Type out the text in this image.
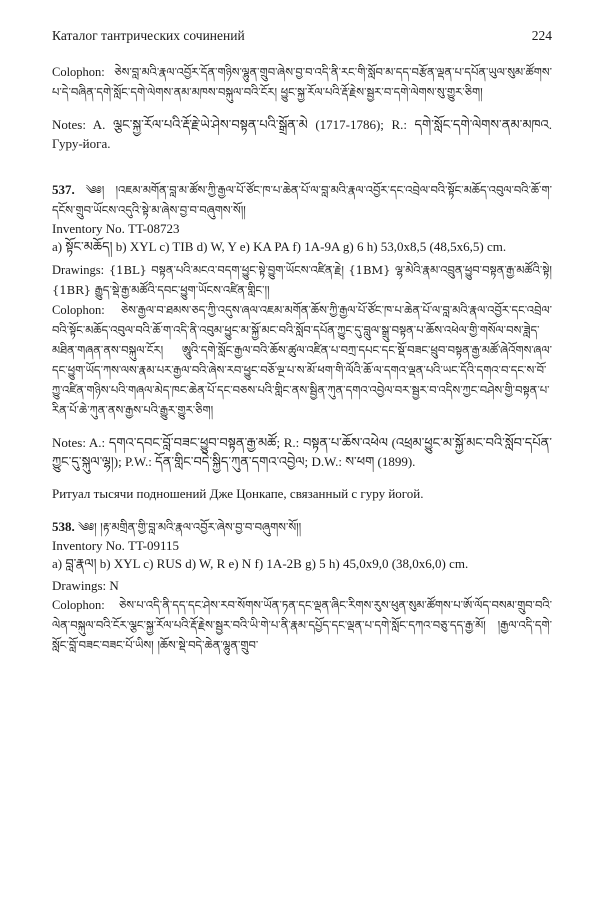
Каталог тантрических сочинений	224

Colophon: ཅེས་བླ་མའི་རྣལ་འབྱོར་དོན་གཉིས་ལྷུན་གྲུབ་ཞེས་བྱ་བ་འདི་ནི་རང་གི་སློབ་མ་དད་བརྩོན་ལྡན་པ་དཔོན་ཡུལ་སུམ་ཚོགས་པ་དེ་བཞིན་དགེ་སློང་དགེ་ལེགས་ནམ་མཁས་བསྐུལ་བའི་ངོར། ཕྱུང་སྐྱ་རོལ་པའི་རྡོ་རྗེས་སྦྱར་བ་དགེ་ལེགས་སུ་གྱུར་ཅིག།

Notes: A. ལྕང་སྐྱ་རོལ་པའི་རྡོ་རྗེ་ཡེ་ཤེས་བསྟན་པའི་སྒྲོན་མེ (1717-1786); R.: དགེ་སློང་དགེ་ལེགས་ནམ་མཁའ. Гуру-йога.

537. ༄༅། །འཇམ་མགོན་བླ་མ་ཚོས་ཀྱི་རྒྱལ་པོ་ཙོང་ཁ་པ་ཆེན་པོ་ལ་བླ་མའི་རྣལ་འབྱོར་དང་འབྲེལ་བའི་སྟོང་མཆོད་འབུལ་བའི་ཆོ་ག་དངོས་གྲུབ་ཡོངས་འདུའི་སྟེ་མ་ཞེས་བྱ་བ་བཞུགས་སོ།།
Inventory No. TT-08723
a) སྟོང་མཆོད། b) XYL c) TIB d) W, Y e) KA PA f) 1A-9A g) 6 h) 53,0x8,5 (48,5x6,5) cm.

Drawings: {1BL} བསྟན་པའི་མངའ་བདག་ཕྱུང་སྟེ་བྱུག་ཡོངས་འཛིན་རྗེ། {1BM} ལྷ་མེའི་རྣམ་འབྲུན་ཕྱུབ་བསྟན་རྒྱ་མཚོའི་སྟེ། {1BR} རྒྱུད་སྡེ་རྒྱ་མཚོའི་དབང་ཕྱུག་ཡོངས་འཛིན་གླིང་།།

Colophon: ཅེས་རྒྱལ་བ་ཐམས་ཅད་ཀྱི་འདུས་ཞལ་འཇམ་མགོན་ཆོས་ཀྱི་རྒྱལ་པོ་ཙོང་ཁ་པ་ཆེན་པོ་ལ་བླ་མའི་རྣལ་འབྱོར་དང་འབྲེལ་བའི་སྟོང་མཆོད་འབུལ་བའི་ཆོ་ག་འདི་ནི་འབུམ་ཕྱུང་མ་སྐྱོ་མང་བའི་སློབ་དཔོན་ཀྱུང་དུ་བླུལ་སྒྲུ་བསྟན་པ་ཆོས་འཕེལ་གྱི་གསོལ་བས་ཟླེད་མཐིན་གཞན་ནས་བསྐུལ་ངོར། ཨཱུའི་དགེ་སློང་རྒྱལ་བའི་ཆོས་ཚུལ་འཛིན་པ་བཀྲ་དཔང་དང་སྡོ་བཟང་ཕྲུབ་བསྟན་རྒྱ་མཚོ་ཞེའོགས་ཞལ་དང་ཕྱུག་ཡོད་ཀས་ལས་རྣམ་པར་རྒྱལ་བའི་ཞེས་རབ་ཕྱུང་བཅོ་ལྔ་པ་ས་མོ་ཕག་གི་ལོའི་ཆོ་ལ་དགའ་ལྡན་པའི་ཡང་དོའི་དགའ་བ་དང་ས་བོ་ཀྱུ་འཛིན་གཉིས་པའི་གཞལ་མེད་ཁང་ཆེན་པོ་དང་བཅས་པའི་གླིང་ནས་སྦྱིན་ཀུན་དགའ་འབྱེལ་བར་སྦྱར་བ་འདིས་ཀྱང་བཤེས་གྱི་བསྟན་པ་རིན་པོ་ཆེ་ཀུན་ནས་རྒྱས་པའི་རྒྱུར་གྱུར་ཅིག།

Notes: A.: དགའ་དབང་བློ་བཟང་ཕྱུབ་བསྟན་རྒྱ་མཚོ; R.: བསྟན་པ་ཆོས་འཕེལ (འཕྲམ་ཕྱུང་མ་སྐྱོ་མང་བའི་སློབ་དཔོན་ཀྱུང་དུ་སྐུལ་ལྷ།); P.W.: དོན་གླིང་བདེ་སྐྱིད་ཀུན་དགའ་འབྱེལ; D.W.: ས་ཕག (1899).

Ритуал тысячи подношений Дже Цонкапе, связанный с гуру йогой.
538. ༄༅། །རྟ་མགྲིན་གྱི་བླ་མའི་རྣལ་འབྱོར་ཞེས་བྱ་བ་བཞུགས་སོ།།
Inventory No. TT-09115
a) བླ་རྣལ། b) XYL c) RUS d) W, R e) N f) 1A-2B g) 5 h) 45,0x9,0 (38,0x6,0) cm.
Drawings: N

Colophon: ཅེས་པ་འདི་ནི་དད་དང་ཤེས་རབ་སོགས་ཡོན་ཏན་དང་ལྡན་ཞིང་རིགས་རུས་ཕུན་སུམ་ཚོགས་པ་ཨོ་ལོད་བསམ་གྲུབ་བའི་ལེན་བསྐུལ་བའི་ངོར་ལྕང་སྐྱ་རོལ་པའི་རྡོ་རྗེས་སྦྱར་བའི་ཡི་གེ་པ་ནི་རྣམ་དཔྱོད་དང་ལྡན་པ་དགེ་སློང་དཀའ་བཅུ་དད་རྒྱ་མོ། །རྒྱལ་འདི་དགེ་སློང་བློ་བཟང་བཟང་པོ་ཡིས། །ཆོས་སྡེ་བདེ་ཆེན་ལྷུན་གྲུབ་
